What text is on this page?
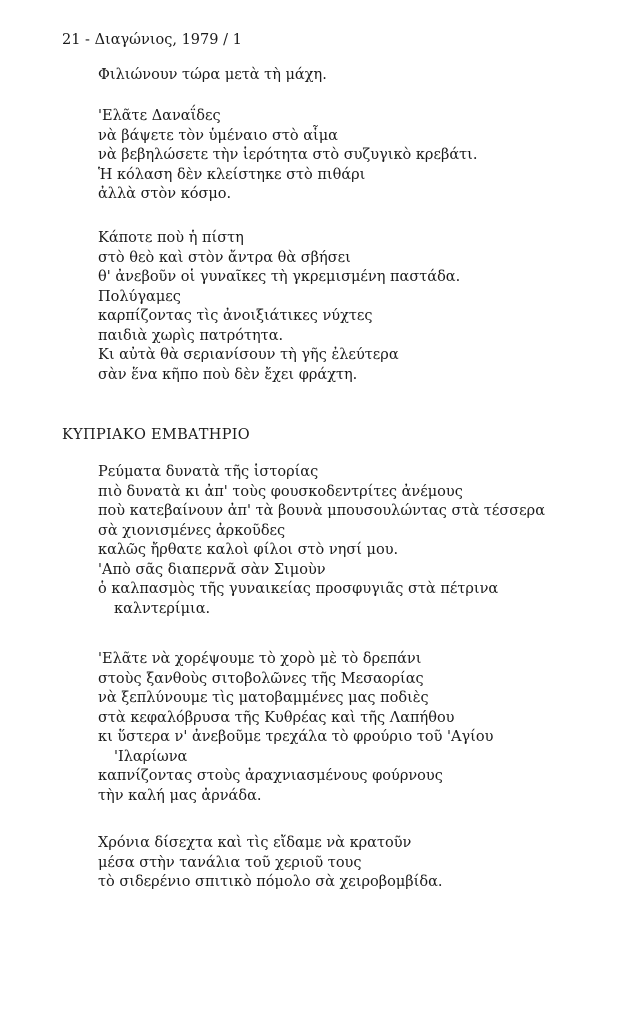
21 - Διαγώνιος, 1979 / 1
Φιλιώνουν τώρα μετὰ τὴ μάχη.
'Ελᾶτε Δαναΐδες
νὰ βάψετε τὸν ὑμέναιο στὸ αἷμα
νὰ βεβηλώσετε τὴν ἱερότητα στὸ συζυγικὸ κρεβάτι.
Ἡ κόλαση δὲν κλείστηκε στὸ πιθάρι
ἀλλὰ στὸν κόσμο.
Κάποτε ποὺ ἡ πίστη
στὸ θεὸ καὶ στὸν ἄντρα θὰ σβήσει
θ' ἀνεβοῦν οἱ γυναῖκες τὴ γκρεμισμένη παστάδα.
Πολύγαμες
καρπίζοντας τὶς ἀνοιξιάτικες νύχτες
παιδιὰ χωρὶς πατρότητα.
Κι αὐτὰ θὰ σεριανίσουν τὴ γῆς ἐλεύτερα
σὰν ἕνα κῆπο ποὺ δὲν ἔχει φράχτη.
ΚΥΠΡΙΑΚΟ ΕΜΒΑΤΗΡΙΟ
Ρεύματα δυνατὰ τῆς ἱστορίας
πιὸ δυνατὰ κι ἀπ' τοὺς φουσκοδεντρίτες ἀνέμους
ποὺ κατεβαίνουν ἀπ' τὰ βουνὰ μπουσουλώντας στὰ τέσσερα
σὰ χιονισμένες ἀρκοῦδες
καλῶς ἤρθατε καλοὶ φίλοι στὸ νησί μου.
'Απὸ σᾶς διαπερνᾶ σὰν Σιμοὺν
ὁ καλπασμὸς τῆς γυναικείας προσφυγιᾶς στὰ πέτρινα
καλντερίμια.
'Ελᾶτε νὰ χορέψουμε τὸ χορὸ μὲ τὸ δρεπάνι
στοὺς ξανθοὺς σιτοβολῶνες τῆς Μεσαορίας
νὰ ξεπλύνουμε τὶς ματοβαμμένες μας ποδιὲς
στὰ κεφαλόβρυσα τῆς Κυθρέας καὶ τῆς Λαπήθου
κι ὕστερα ν' ἀνεβοῦμε τρεχάλα τὸ φρούριο τοῦ 'Αγίου
'Ιλαρίωνα
καπνίζοντας στοὺς ἀραχνιασμένους φούρνους
τὴν καλή μας ἀρνάδα.
Χρόνια δίσεχτα καὶ τὶς εἴδαμε νὰ κρατοῦν
μέσα στὴν τανάλια τοῦ χεριοῦ τους
τὸ σιδερένιο σπιτικὸ πόμολο σὰ χειροβομβίδα.
